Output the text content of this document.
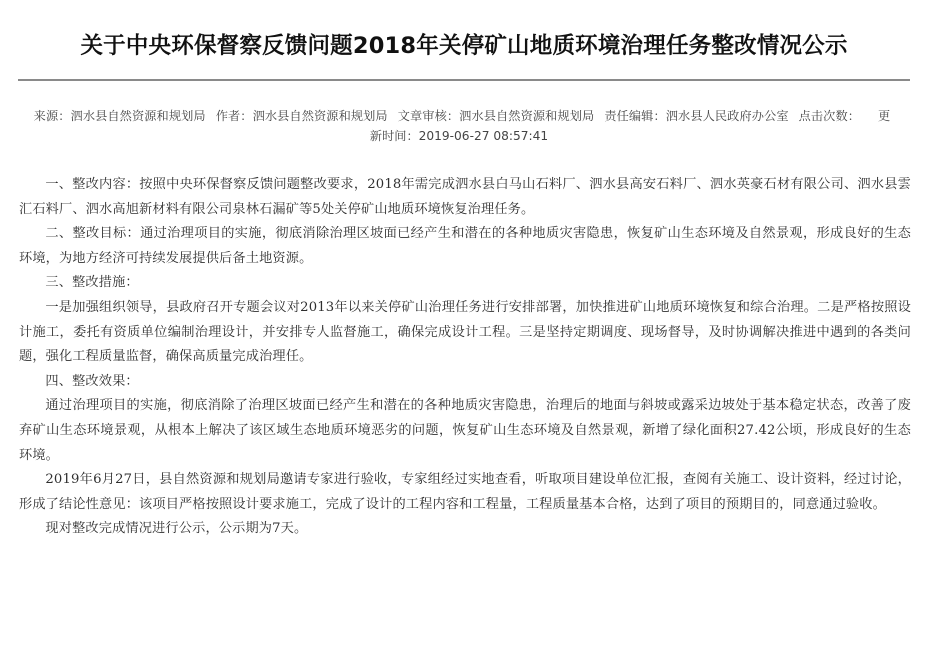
关于中央环保督察反馈问题2018年关停矿山地质环境治理任务整改情况公示
来源：泗水县自然资源和规划局 作者：泗水县自然资源和规划局 文章审核：泗水县自然资源和规划局 责任编辑：泗水县人民政府办公室 点击次数： 更
新时间：2019-06-27 08:57:41

一、整改内容：按照中央环保督察反馈问题整改要求，2018年需完成泗水县白马山石料厂、泗水县高安石料厂、泗水英豪石材有限公司、泗水县雲汇石料厂、泗水高旭新材料有限公司泉林石漏矿等5处关停矿山地质环境恢复治理任务。

二、整改目标：通过治理项目的实施，彻底消除治理区坡面已经产生和潜在的各种地质灾害隐患，恢复矿山生态环境及自然景观，形成良好的生态环境，为地方经济可持续发展提供后备土地资源。

三、整改措施：

一是加强组织领导，县政府召开专题会议对2013年以来关停矿山治理任务进行安排部署，加快推进矿山地质环境恢复和综合治理。二是严格按照设计施工，委托有资质单位编制治理设计，并安排专人监督施工，确保完成设计工程。三是坚持定期调度、现场督导，及时协调解决推进中遇到的各类问题，强化工程质量监督，确保高质量完成治理任。

四、整改效果：

通过治理项目的实施，彻底消除了治理区坡面已经产生和潜在的各种地质灾害隐患，治理后的地面与斜坡或露采边坡处于基本稳定状态，改善了废弃矿山生态环境景观，从根本上解决了该区域生态地质环境恶劣的问题，恢复矿山生态环境及自然景观，新增了绿化面积27.42公顷，形成良好的生态环境。

2019年6月27日，县自然资源和规划局邀请专家进行验收，专家组经过实地查看，听取项目建设单位汇报，查阅有关施工、设计资料，经过讨论，形成了结论性意见：该项目严格按照设计要求施工，完成了设计的工程内容和工程量，工程质量基本合格，达到了项目的预期目的，同意通过验收。

现对整改完成情况进行公示，公示期为7天。
